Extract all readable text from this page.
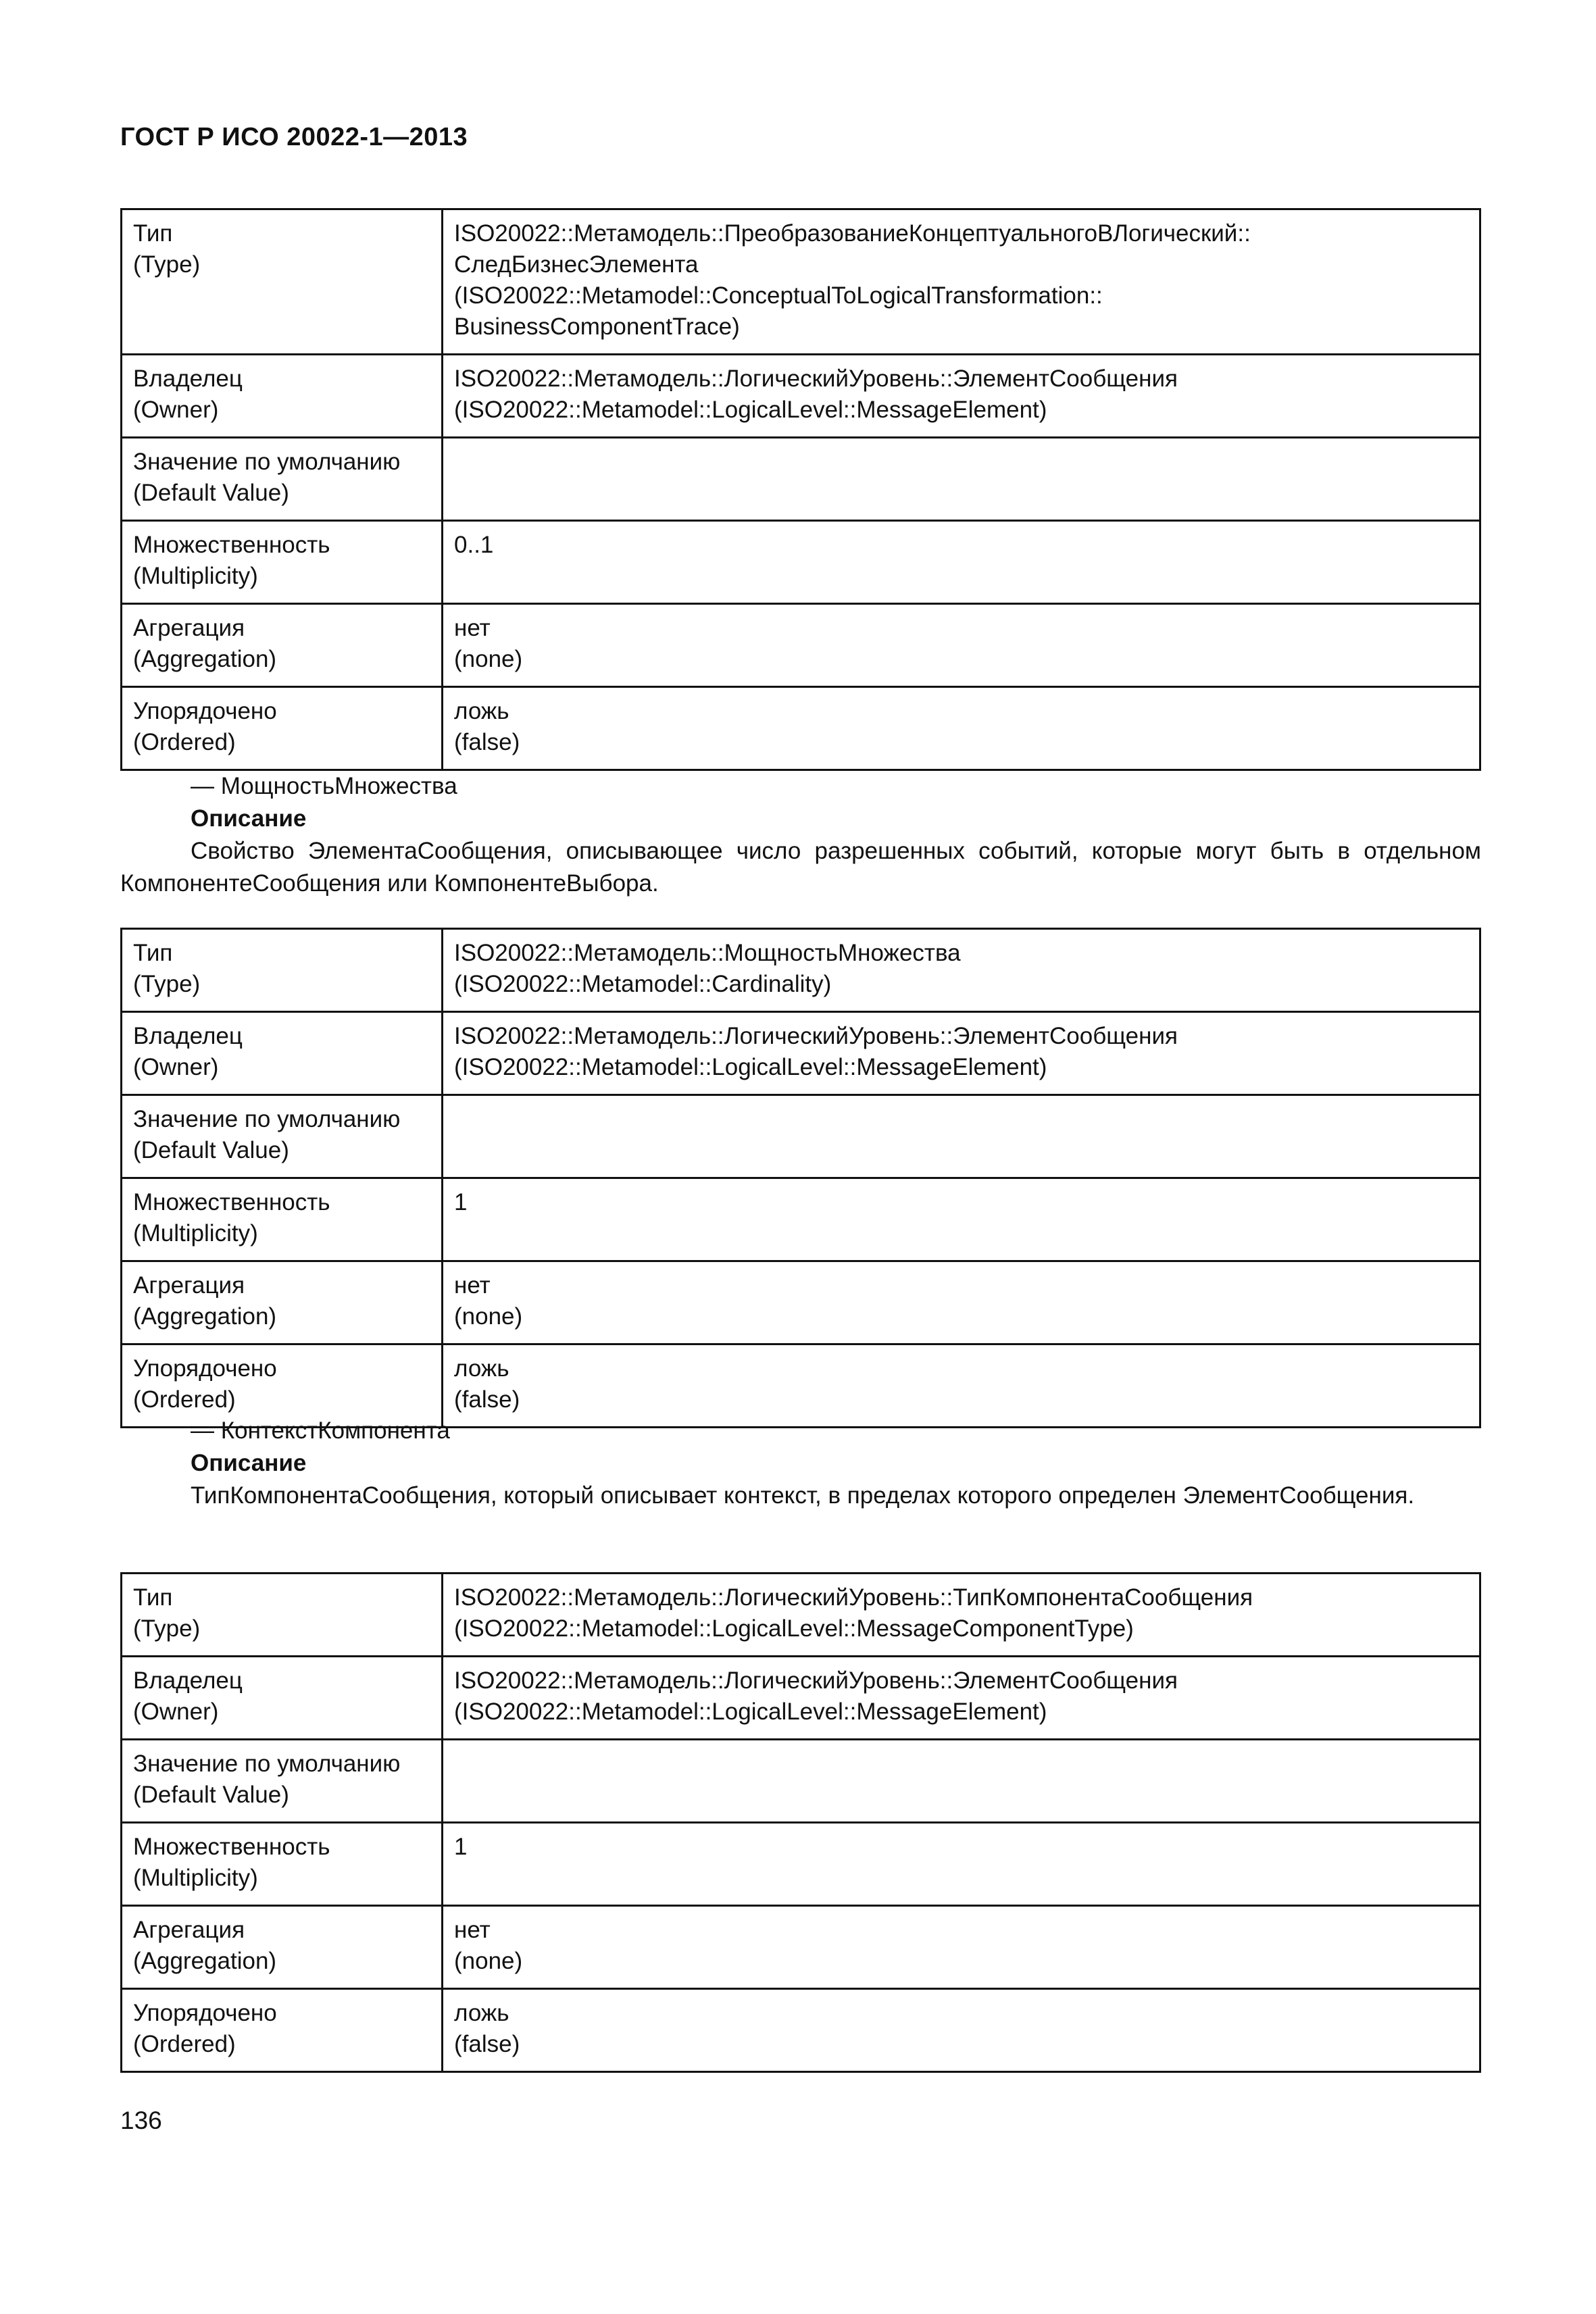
ГОСТ Р ИСО 20022-1—2013
Тип
(Type)	ISO20022::Метамодель::ПреобразованиеКонцептуальногоВЛогический::
СледБизнесЭлемента
(ISO20022::Metamodel::ConceptualToLogicalTransformation::
BusinessComponentTrace)

Владелец
(Owner)	ISO20022::Метамодель::ЛогическийУровень::ЭлементСообщения
(ISO20022::Metamodel::LogicalLevel::MessageElement)

Значение по умолчанию
(Default Value)	

Множественность
(Multiplicity)	0..1

Агрегация
(Aggregation)	нет
(none)

Упорядочено
(Ordered)	ложь
(false)
— МощностьМножества
Описание

Свойство ЭлементаСообщения, описывающее число разрешенных событий, которые могут быть в отдельном КомпонентеСообщения или КомпонентеВыбора.

Тип
(Type)	ISO20022::Метамодель::МощностьМножества
(ISO20022::Metamodel::Cardinality)

Владелец
(Owner)	ISO20022::Метамодель::ЛогическийУровень::ЭлементСообщения
(ISO20022::Metamodel::LogicalLevel::MessageElement)

Значение по умолчанию
(Default Value)	

Множественность
(Multiplicity)	1

Агрегация
(Aggregation)	нет
(none)

Упорядочено
(Ordered)	ложь
(false)
— КонтекстКомпонента
Описание

ТипКомпонентаСообщения, который описывает контекст, в пределах которого определен ЭлементСообщения.

Тип
(Type)	ISO20022::Метамодель::ЛогическийУровень::ТипКомпонентаСообщения
(ISO20022::Metamodel::LogicalLevel::MessageComponentType)

Владелец
(Owner)	ISO20022::Метамодель::ЛогическийУровень::ЭлементСообщения
(ISO20022::Metamodel::LogicalLevel::MessageElement)

Значение по умолчанию
(Default Value)	

Множественность
(Multiplicity)	1

Агрегация
(Aggregation)	нет
(none)

Упорядочено
(Ordered)	ложь
(false)
136
